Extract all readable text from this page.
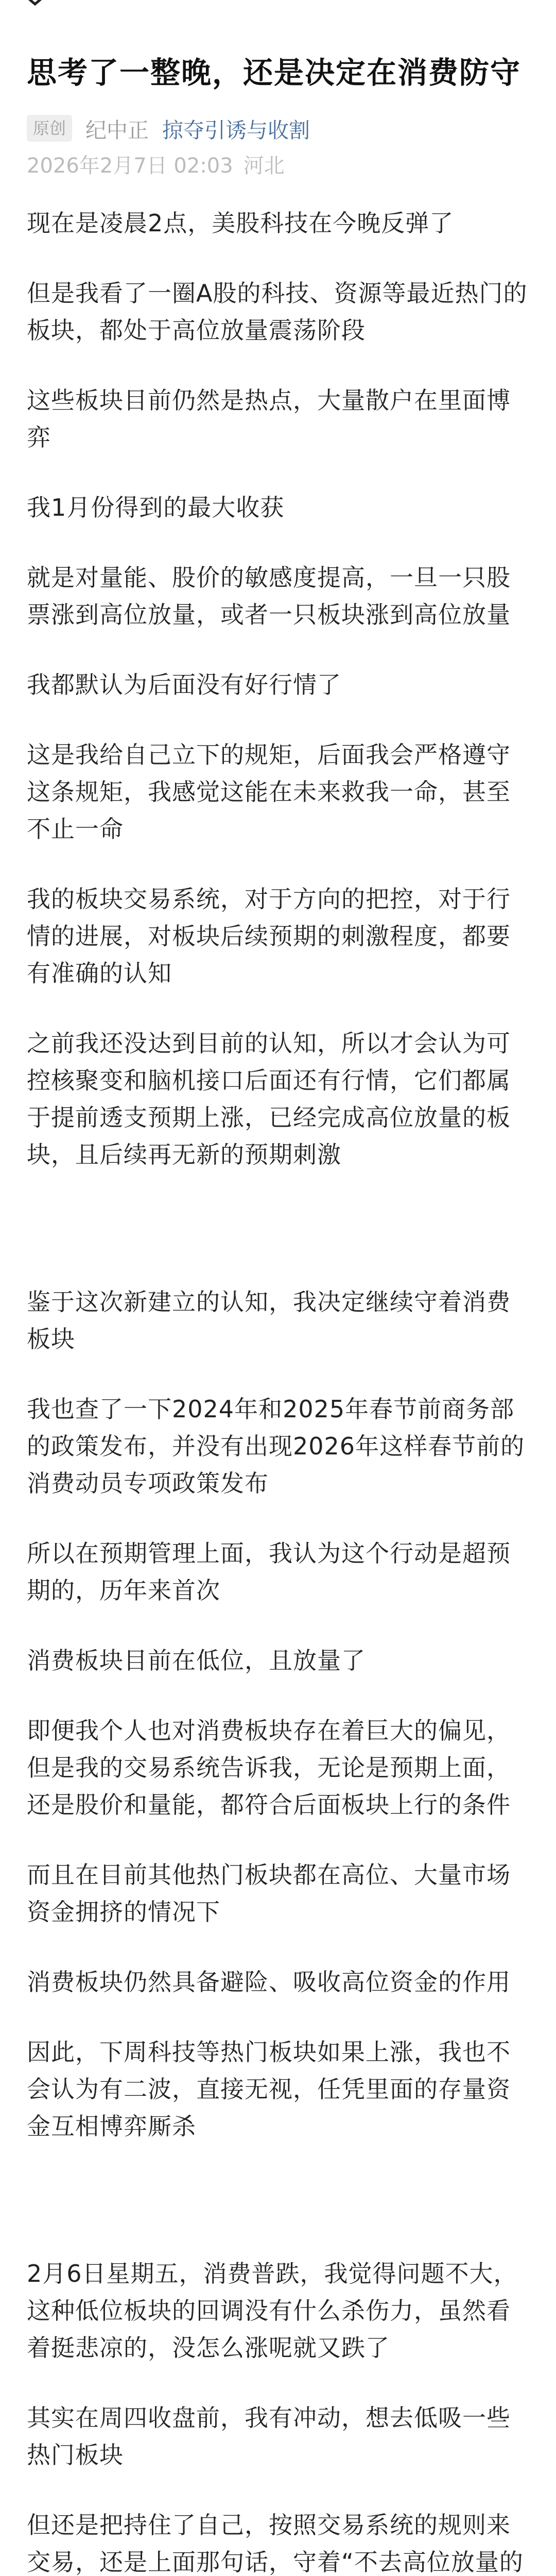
思考了一整晚，还是决定在消费防守
原创 纪中正 掠夺引诱与收割
2026年2月7日 02:03 河北

现在是凌晨2点，美股科技在今晚反弹了

但是我看了一圈A股的科技、资源等最近热门的板块，都处于高位放量震荡阶段

这些板块目前仍然是热点，大量散户在里面博弈

我1月份得到的最大收获

就是对量能、股价的敏感度提高，一旦一只股票涨到高位放量，或者一只板块涨到高位放量

我都默认为后面没有好行情了

这是我给自己立下的规矩，后面我会严格遵守这条规矩，我感觉这能在未来救我一命，甚至不止一命

我的板块交易系统，对于方向的把控，对于行情的进展，对板块后续预期的刺激程度，都要有准确的认知

之前我还没达到目前的认知，所以才会认为可控核聚变和脑机接口后面还有行情，它们都属于提前透支预期上涨，已经完成高位放量的板块，且后续再无新的预期刺激

鉴于这次新建立的认知，我决定继续守着消费板块

我也查了一下2024年和2025年春节前商务部的政策发布，并没有出现2026年这样春节前的消费动员专项政策发布

所以在预期管理上面，我认为这个行动是超预期的，历年来首次

消费板块目前在低位，且放量了

即便我个人也对消费板块存在着巨大的偏见，但是我的交易系统告诉我，无论是预期上面，还是股价和量能，都符合后面板块上行的条件

而且在目前其他热门板块都在高位、大量市场资金拥挤的情况下

消费板块仍然具备避险、吸收高位资金的作用

因此，下周科技等热门板块如果上涨，我也不会认为有二波，直接无视，任凭里面的存量资金互相博弈厮杀

2月6日星期五，消费普跌，我觉得问题不大，这种低位板块的回调没有什么杀伤力，虽然看着挺悲凉的，没怎么涨呢就又跌了

其实在周四收盘前，我有冲动，想去低吸一些热门板块

但还是把持住了自己，按照交易系统的规则来交易，还是上面那句话，守着“不去高位放量的
